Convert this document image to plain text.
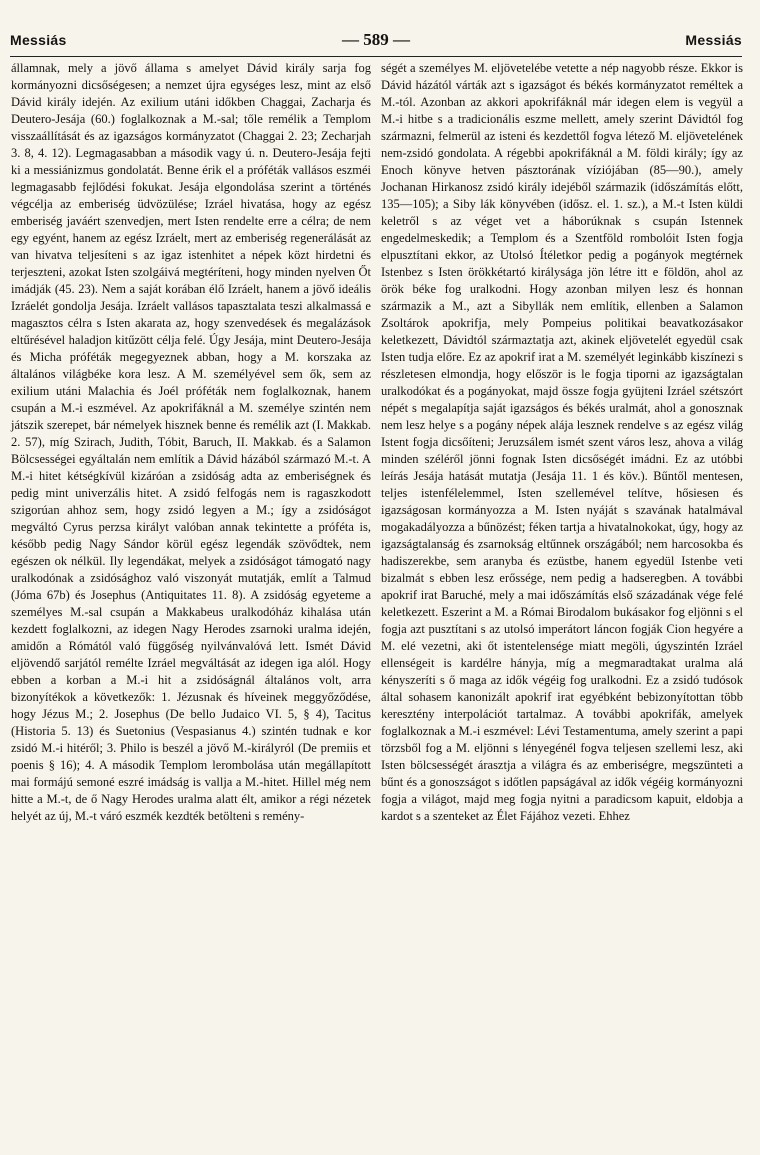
Messiás	— 589 —	Messiás

államnak, mely a jövő állama s amelyet Dávid király sarja fog kormányozni dicsőségesen; a nemzet újra egységes lesz, mint az első Dávid király idején. Az exilium utáni időkben Chaggai, Zacharja és Deutero-Jesája (60.) foglalkoznak a M.-sal; tőle remélik a Templom visszaállítását és az igazságos kormányzatot (Chaggai 2. 23; Zecharjah 3. 8, 4. 12). Legmagasabban a második vagy ú. n. Deutero-Jesája fejti ki a messiánizmus gondolatát. Benne érik el a próféták vallásos eszméi legmagasabb fejlődési fokukat. Jesája elgondolása szerint a történés végcélja az emberiség üdvözülése; Izráel hivatása, hogy az egész emberiség javáért szenvedjen, mert Isten rendelte erre a célra; de nem egy egyént, hanem az egész Izráelt, mert az emberiség regenerálását az van hivatva teljesíteni s az igaz istenhitet a népek közt hirdetni és terjeszteni, azokat Isten szolgáivá megtéríteni, hogy minden nyelven Őt imádják (45. 23). Nem a saját korában élő Izráelt, hanem a jövő ideális Izráelét gondolja Jesája. Izráelt vallásos tapasztalata teszi alkalmassá e magasztos célra s Isten akarata az, hogy szenvedések és megalázások eltűrésével haladjon kitűzött célja felé. Úgy Jesája, mint Deutero-Jesája és Micha próféták megegyeznek abban, hogy a M. korszaka az általános világbéke kora lesz. A M. személyével sem ők, sem az exilium utáni Malachia és Joél próféták nem foglalkoznak, hanem csupán a M.-i eszmével. Az apokrifáknál a M. személye szintén nem játszik szerepet, bár némelyek hisznek benne és remélik azt (I. Makkab. 2. 57), míg Szirach, Judith, Tóbit, Baruch, II. Makkab. és a Salamon Bölcsességei egyáltalán nem említik a Dávid házából származó M.-t. A M.-i hitet kétségkívül kizáróan a zsidóság adta az emberiségnek és pedig mint univerzális hitet. A zsidó felfogás nem is ragaszkodott szigorúan ahhoz sem, hogy zsidó legyen a M.; így a zsidóságot megváltó Cyrus perzsa királyt valóban annak tekintette a próféta is, később pedig Nagy Sándor körül egész legendák szövődtek, nem egészen ok nélkül. Ily legendákat, melyek a zsidóságot támogató nagy uralkodónak a zsidósághoz való viszonyát mutatják, említ a Talmud (Jóma 67b) és Josephus (Antiquitates 11. 8). A zsidóság egyeteme a személyes M.-sal csupán a Makkabeus uralkodóház kihalása után kezdett foglalkozni, az idegen Nagy Herodes zsarnoki uralma idején, amidőn a Rómától való függőség nyilvánvalóvá lett. Ismét Dávid eljövendő sarjától remélte Izráel megváltását az idegen iga alól. Hogy ebben a korban a M.-i hit a zsidóságnál általános volt, arra bizonyítékok a következők: 1. Jézusnak és híveinek meggyőződése, hogy Jézus M.; 2. Josephus (De bello Judaico VI. 5, § 4), Tacitus (Historia 5. 13) és Suetonius (Vespasianus 4.) szintén tudnak e kor zsidó M.-i hitéről; 3. Philo is beszél a jövő M.-királyról (De premiis et poenis § 16); 4. A második Templom lerombolása után megállapított mai formájú semoné eszré imádság is vallja a M.-hitet. Hillel még nem hitte a M.-t, de ő Nagy Herodes uralma alatt élt, amikor a régi nézetek helyét az új, M.-t váró eszmék kezdték betölteni s remény-

ségét a személyes M. eljövetelébe vetette a nép nagyobb része. Ekkor is Dávid házától várták azt s igazságot és békés kormányzatot reméltek a M.-tól. Azonban az akkori apokrifáknál már idegen elem is vegyül a M.-i hitbe s a tradicionális eszme mellett, amely szerint Dávidtól fog származni, felmerül az isteni és kezdettől fogva létező M. eljövetelének nem-zsidó gondolata. A régebbi apokrifáknál a M. földi király; így az Enoch könyve hetven pásztorának víziójában (85—90.), amely Jochanan Hirkanosz zsidó király idejéből származik (időszámítás előtt, 135—105); a Siby lák könyvében (idősz. el. 1. sz.), a M.-t Isten küldi keletről s az véget vet a háborúknak s csupán Istennek engedelmeskedik; a Templom és a Szentföld rombolóit Isten fogja elpusztítani ekkor, az Utolsó Ítéletkor pedig a pogányok megtérnek Istenbez s Isten örökkétartó királysága jön létre itt e földön, ahol az örök béke fog uralkodni. Hogy azonban milyen lesz és honnan származik a M., azt a Sibyllák nem említik, ellenben a Salamon Zsoltárok apokrifja, mely Pompeius politikai beavatkozásakor keletkezett, Dávidtól származtatja azt, akinek eljövetelét egyedül csak Isten tudja előre. Ez az apokrif irat a M. személyét leginkább kiszínezi s részletesen elmondja, hogy először is le fogja tiporni az igazságtalan uralkodókat és a pogányokat, majd össze fogja gyüjteni Izráel szétszórt népét s megalapítja saját igazságos és békés uralmát, ahol a gonosznak nem lesz helye s a pogány népek alája lesznek rendelve s az egész világ Istent fogja dicsőíteni; Jeruzsálem ismét szent város lesz, ahova a világ minden széléről jönni fognak Isten dicsőségét imádni. Ez az utóbbi leírás Jesája hatását mutatja (Jesája 11. 1 és köv.). Bűntől mentesen, teljes istenfélelemmel, Isten szellemével telítve, hősiesen és igazságosan kormányozza a M. Isten nyáját s szavának hatalmával mogakadályozza a bűnözést; féken tartja a hivatalnokokat, úgy, hogy az igazságtalanság és zsarnokság eltűnnek országából; nem harcosokba és hadiszerekbe, sem aranyba és ezüstbe, hanem egyedül Istenbe veti bizalmát s ebben lesz erőssége, nem pedig a hadseregben. A további apokrif irat Baruché, mely a mai időszámítás első századának vége felé keletkezett. Eszerint a M. a Római Birodalom bukásakor fog eljönni s el fogja azt pusztítani s az utolsó imperátort láncon fogják Cion hegyére a M. elé vezetni, aki őt istentelensége miatt megöli, úgyszintén Izráel ellenségeit is kardélre hányja, míg a megmaradtakat uralma alá kényszeríti s ő maga az idők végéig fog uralkodni. Ez a zsidó tudósok által sohasem kanonizált apokrif irat egyébként bebizonyítottan több keresztény interpolációt tartalmaz. A további apokrifák, amelyek foglalkoznak a M.-i eszmével: Lévi Testamentuma, amely szerint a papi törzsből fog a M. eljönni s lényegénél fogva teljesen szellemi lesz, aki Isten bölcsességét árasztja a világra és az emberiségre, megszünteti a bűnt és a gonoszságot s időtlen papságával az idők végéig kormányozni fogja a világot, majd meg fogja nyitni a paradicsom kapuit, eldobja a kardot s a szenteket az Élet Fájához vezeti. Ehhez
